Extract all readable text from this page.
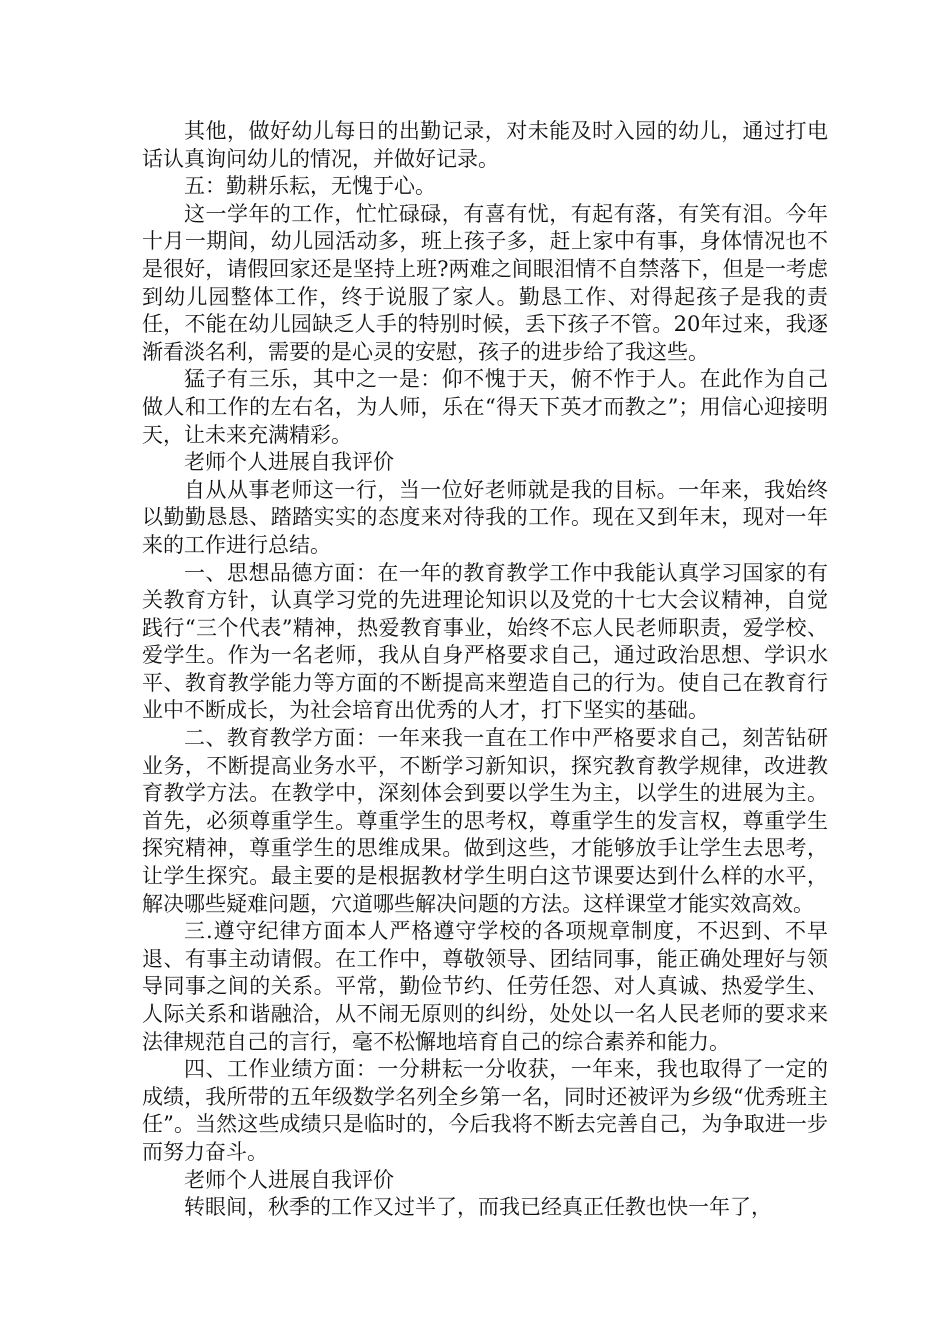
其他，做好幼儿每日的出勤记录，对未能及时入园的幼儿，通过打电话认真询问幼儿的情况，并做好记录。

五：勤耕乐耘，无愧于心。

这一学年的工作，忙忙碌碌，有喜有忧，有起有落，有笑有泪。今年十月一期间，幼儿园活动多，班上孩子多，赶上家中有事，身体情况也不是很好，请假回家还是坚持上班?两难之间眼泪情不自禁落下，但是一考虑到幼儿园整体工作，终于说服了家人。勤恳工作、对得起孩子是我的责任，不能在幼儿园缺乏人手的特别时候，丢下孩子不管。20年过来，我逐渐看淡名利，需要的是心灵的安慰，孩子的进步给了我这些。

猛子有三乐，其中之一是：仰不愧于天，俯不怍于人。在此作为自己做人和工作的左右名，为人师，乐在“得天下英才而教之”；用信心迎接明天，让未来充满精彩。

老师个人进展自我评价

自从从事老师这一行，当一位好老师就是我的目标。一年来，我始终以勤勤恳恳、踏踏实实的态度来对待我的工作。现在又到年末，现对一年来的工作进行总结。

一、思想品德方面：在一年的教育教学工作中我能认真学习国家的有关教育方针，认真学习党的先进理论知识以及党的十七大会议精神，自觉践行“三个代表”精神，热爱教育事业，始终不忘人民老师职责，爱学校、爱学生。作为一名老师，我从自身严格要求自己，通过政治思想、学识水平、教育教学能力等方面的不断提高来塑造自己的行为。使自己在教育行业中不断成长，为社会培育出优秀的人才，打下坚实的基础。

二、教育教学方面：一年来我一直在工作中严格要求自己，刻苦钻研业务，不断提高业务水平，不断学习新知识，探究教育教学规律，改进教育教学方法。在教学中，深刻体会到要以学生为主，以学生的进展为主。首先，必须尊重学生。尊重学生的思考权，尊重学生的发言权，尊重学生探究精神，尊重学生的思维成果。做到这些，才能够放手让学生去思考，让学生探究。最主要的是根据教材学生明白这节课要达到什么样的水平，解决哪些疑难问题，穴道哪些解决问题的方法。这样课堂才能实效高效。

三.遵守纪律方面本人严格遵守学校的各项规章制度，不迟到、不早退、有事主动请假。在工作中，尊敬领导、团结同事，能正确处理好与领导同事之间的关系。平常，勤俭节约、任劳任怨、对人真诚、热爱学生、人际关系和谐融洽，从不闹无原则的纠纷，处处以一名人民老师的要求来法律规范自己的言行，毫不松懈地培育自己的综合素养和能力。

四、工作业绩方面：一分耕耘一分收获，一年来，我也取得了一定的成绩，我所带的五年级数学名列全乡第一名，同时还被评为乡级“优秀班主任”。当然这些成绩只是临时的，今后我将不断去完善自己，为争取进一步而努力奋斗。

老师个人进展自我评价

转眼间，秋季的工作又过半了，而我已经真正任教也快一年了，
